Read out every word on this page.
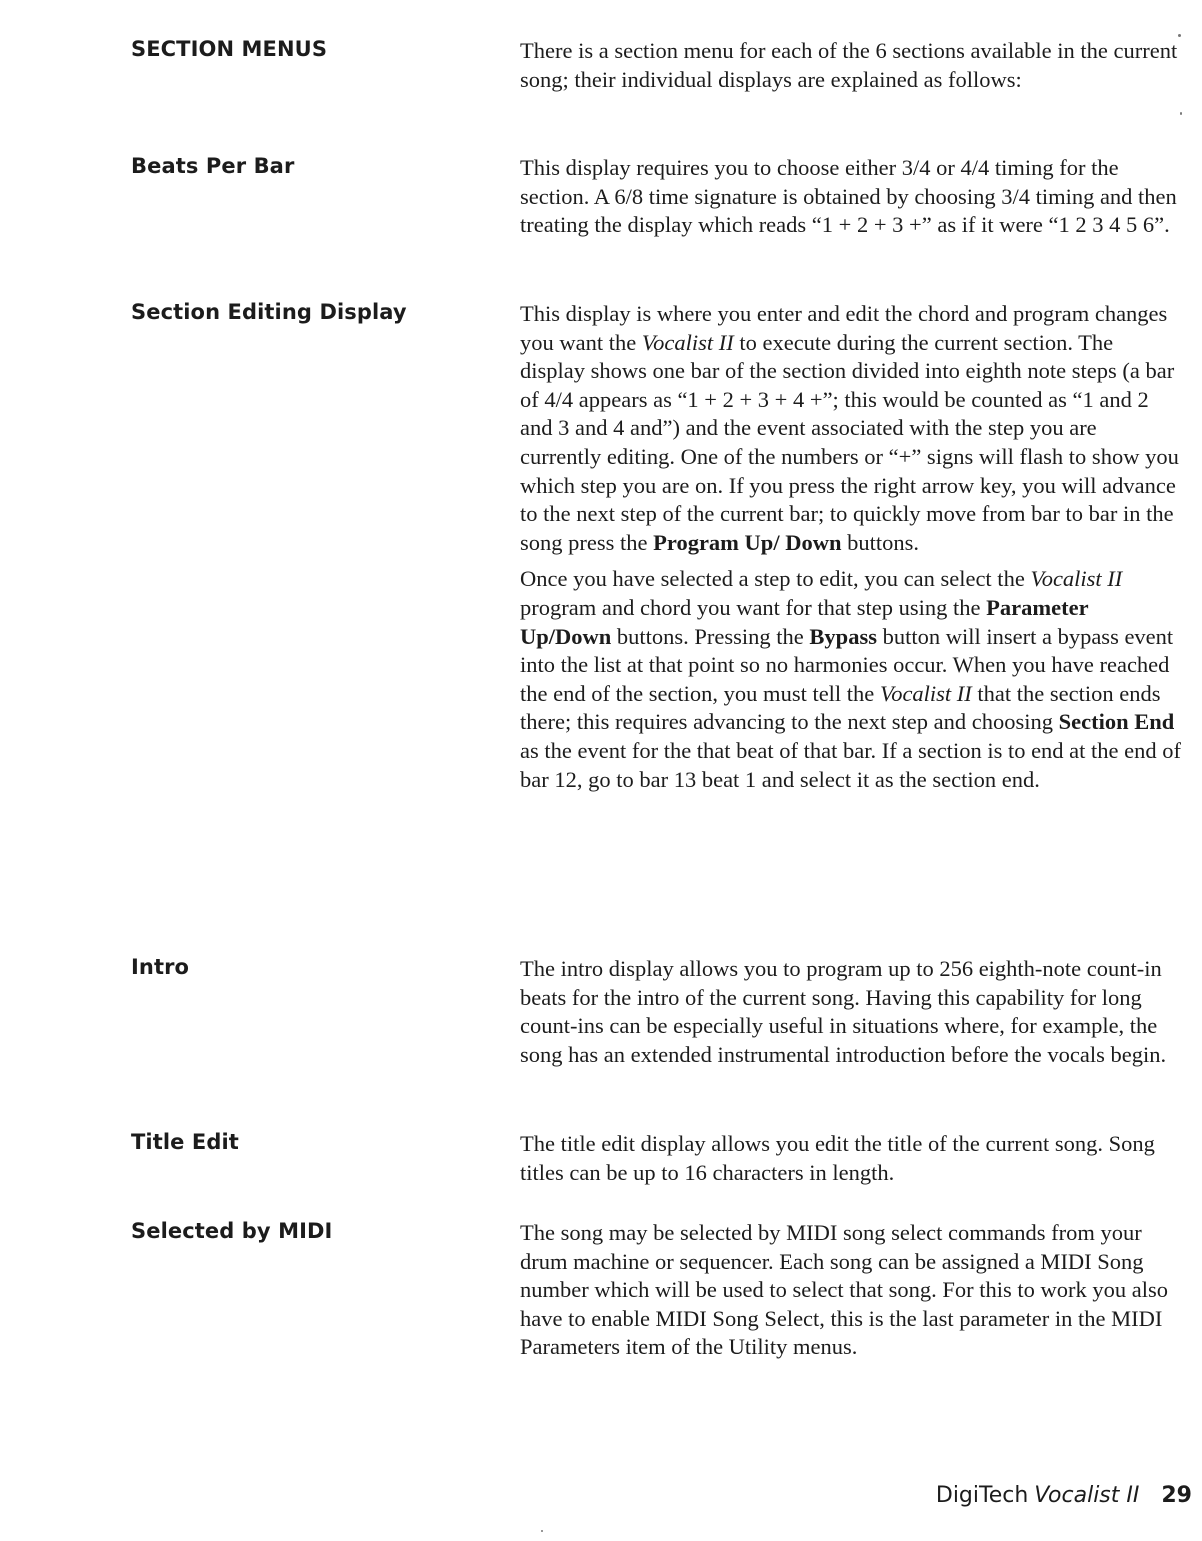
SECTION MENUS	There is a section menu for each of the 6 sections available in the current song; their individual displays are explained as follows:

Beats Per Bar	This display requires you to choose either 3/4 or 4/4 timing for the section. A 6/8 time signature is obtained by choosing 3/4 timing and then treating the display which reads “1 + 2 + 3 +” as if it were “1 2 3 4 5 6”.

Section Editing Display	This display is where you enter and edit the chord and program changes you want the Vocalist II to execute during the current section. The display shows one bar of the section divided into eighth note steps (a bar of 4/4 appears as “1 + 2 + 3 + 4 +”; this would be counted as “1 and 2 and 3 and 4 and”) and the event associated with the step you are currently editing. One of the numbers or “+” signs will flash to show you which step you are on. If you press the right arrow key, you will advance to the next step of the current bar; to quickly move from bar to bar in the song press the Program Up/ Down buttons.

Once you have selected a step to edit, you can select the Vocalist II program and chord you want for that step using the Parameter Up/Down buttons. Pressing the Bypass button will insert a bypass event into the list at that point so no harmonies occur. When you have reached the end of the section, you must tell the Vocalist II that the section ends there; this requires advancing to the next step and choosing Section End as the event for the that beat of that bar. If a section is to end at the end of bar 12, go to bar 13 beat 1 and select it as the section end.

Intro	The intro display allows you to program up to 256 eighth-note count-in beats for the intro of the current song. Having this capability for long count-ins can be especially useful in situations where, for example, the song has an extended instrumental introduction before the vocals begin.

Title Edit	The title edit display allows you edit the title of the current song. Song titles can be up to 16 characters in length.

Selected by MIDI	The song may be selected by MIDI song select commands from your drum machine or sequencer. Each song can be assigned a MIDI Song number which will be used to select that song. For this to work you also have to enable MIDI Song Select, this is the last parameter in the MIDI Parameters item of the Utility menus.

DigiTech Vocalist II 29
